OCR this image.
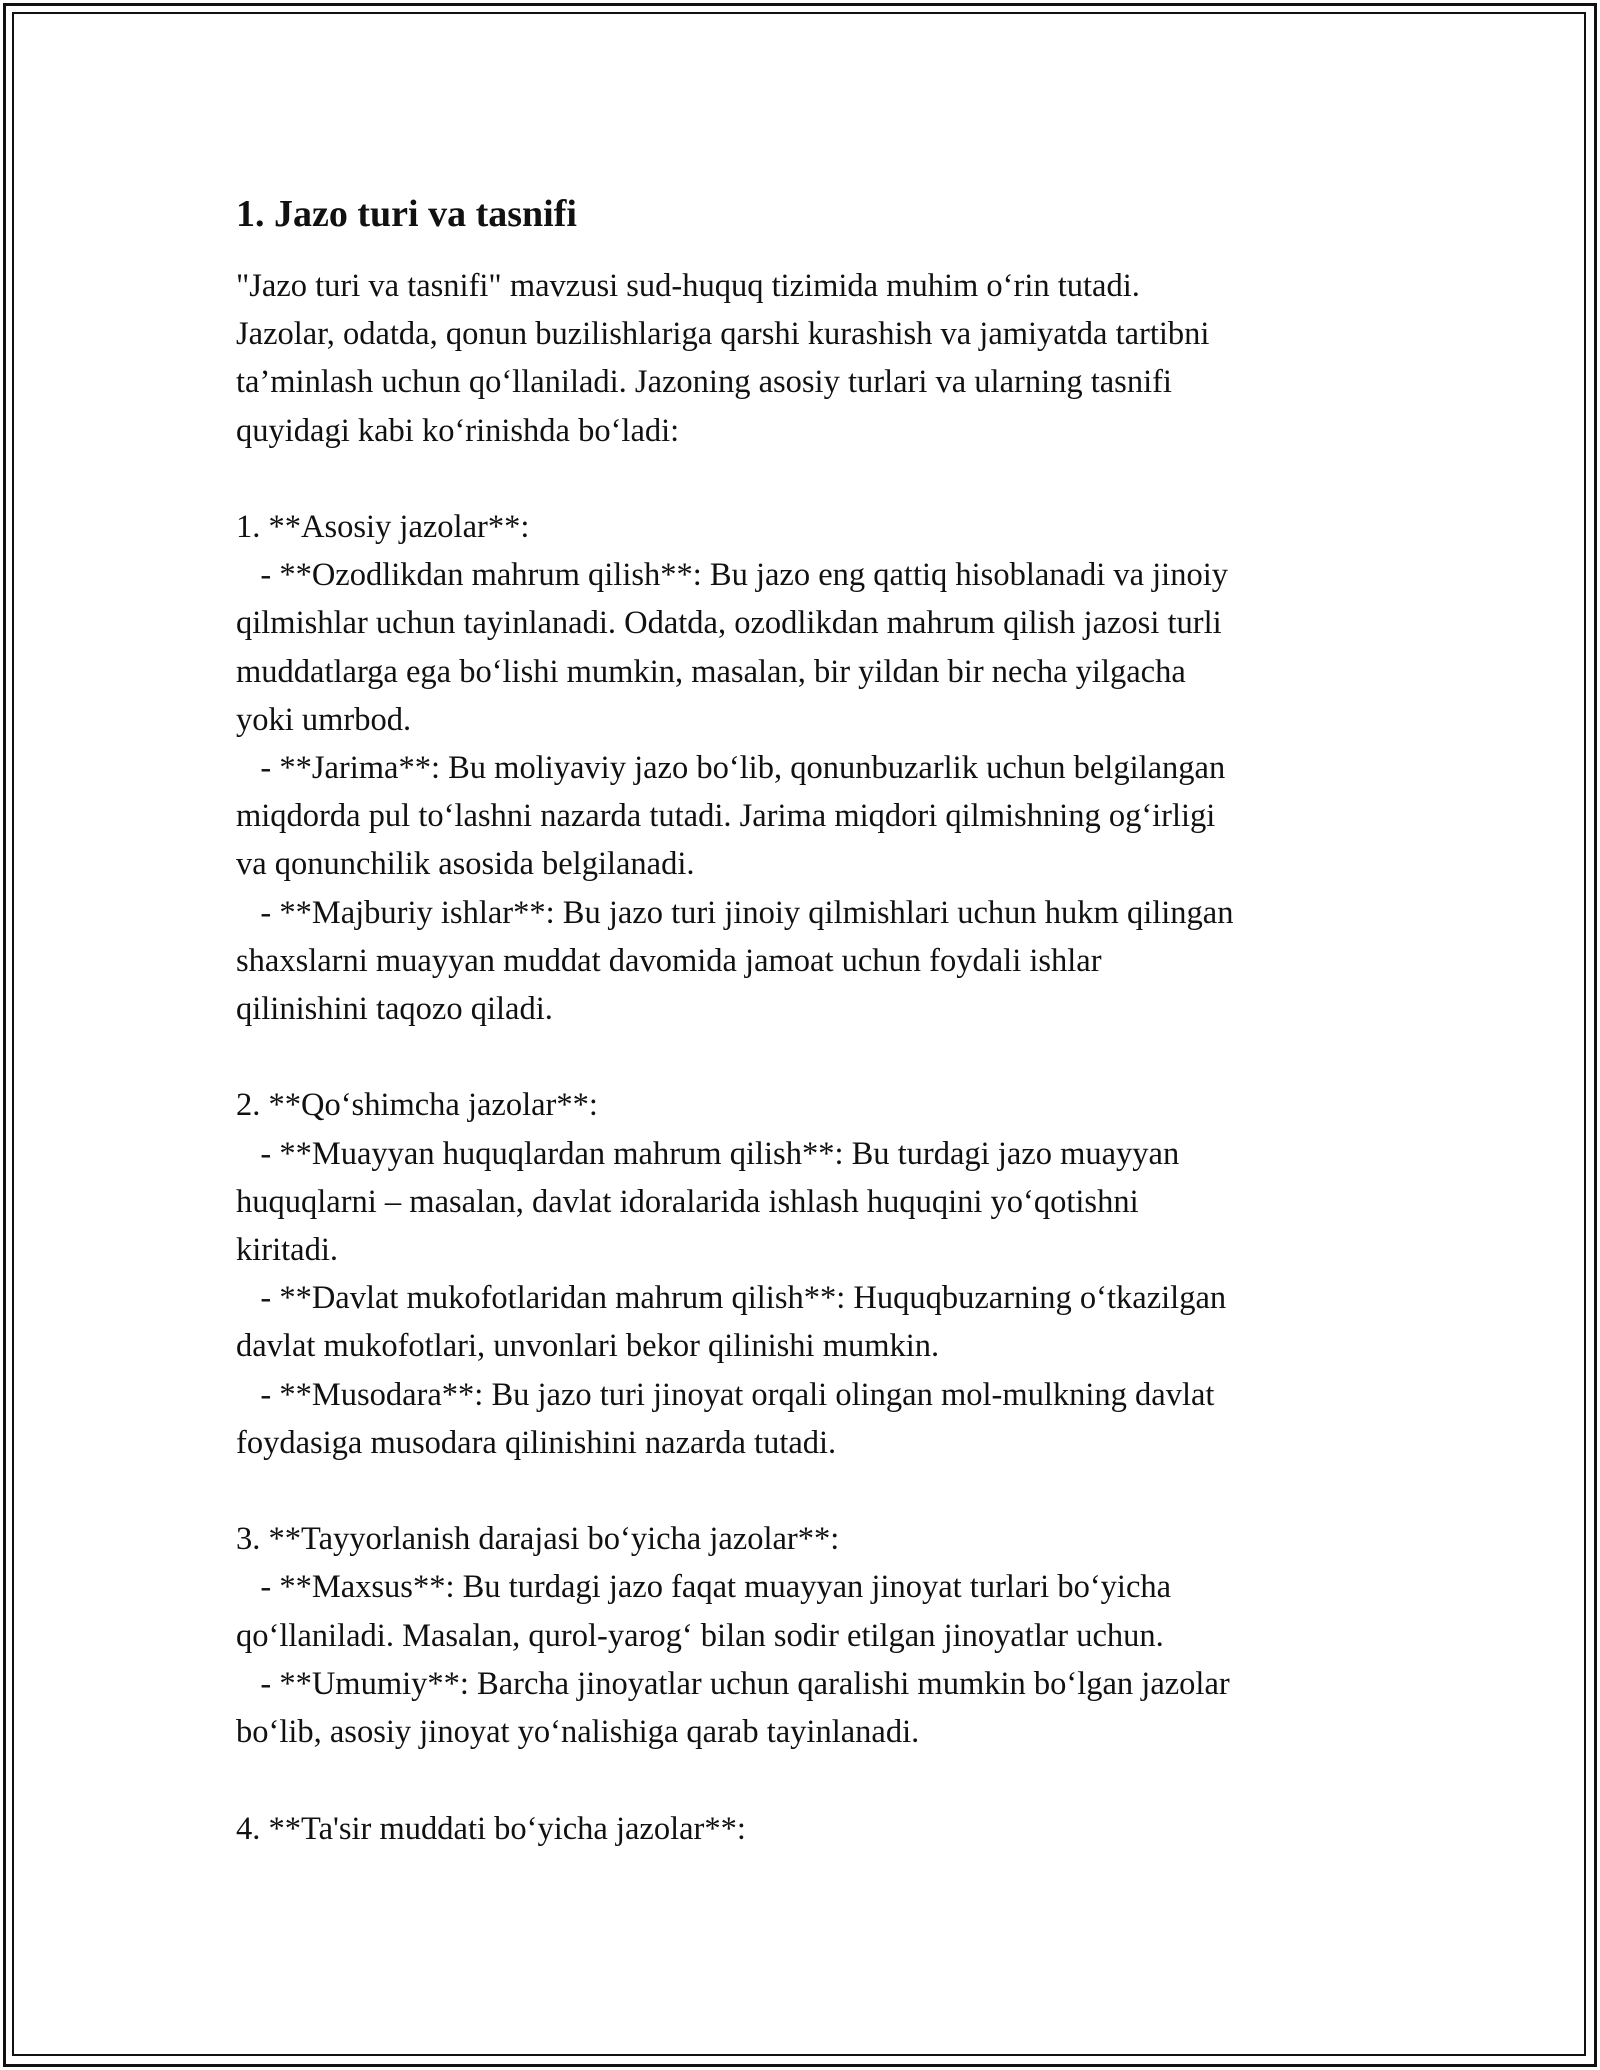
1. Jazo turi va tasnifi

"Jazo turi va tasnifi" mavzusi sud-huquq tizimida muhim o‘rin tutadi.
Jazolar, odatda, qonun buzilishlariga qarshi kurashish va jamiyatda tartibni
ta’minlash uchun qo‘llaniladi. Jazoning asosiy turlari va ularning tasnifi
quyidagi kabi ko‘rinishda bo‘ladi:

1. **Asosiy jazolar**:
- **Ozodlikdan mahrum qilish**: Bu jazo eng qattiq hisoblanadi va jinoiy
qilmishlar uchun tayinlanadi. Odatda, ozodlikdan mahrum qilish jazosi turli
muddatlarga ega bo‘lishi mumkin, masalan, bir yildan bir necha yilgacha
yoki umrbod.
- **Jarima**: Bu moliyaviy jazo bo‘lib, qonunbuzarlik uchun belgilangan
miqdorda pul to‘lashni nazarda tutadi. Jarima miqdori qilmishning og‘irligi
va qonunchilik asosida belgilanadi.
- **Majburiy ishlar**: Bu jazo turi jinoiy qilmishlari uchun hukm qilingan
shaxslarni muayyan muddat davomida jamoat uchun foydali ishlar
qilinishini taqozo qiladi.

2. **Qo‘shimcha jazolar**:
- **Muayyan huquqlardan mahrum qilish**: Bu turdagi jazo muayyan
huquqlarni – masalan, davlat idoralarida ishlash huquqini yo‘qotishni
kiritadi.
- **Davlat mukofotlaridan mahrum qilish**: Huquqbuzarning o‘tkazilgan
davlat mukofotlari, unvonlari bekor qilinishi mumkin.
- **Musodara**: Bu jazo turi jinoyat orqali olingan mol-mulkning davlat
foydasiga musodara qilinishini nazarda tutadi.

3. **Tayyorlanish darajasi bo‘yicha jazolar**:
- **Maxsus**: Bu turdagi jazo faqat muayyan jinoyat turlari bo‘yicha
qo‘llaniladi. Masalan, qurol-yarog‘ bilan sodir etilgan jinoyatlar uchun.
- **Umumiy**: Barcha jinoyatlar uchun qaralishi mumkin bo‘lgan jazolar
bo‘lib, asosiy jinoyat yo‘nalishiga qarab tayinlanadi.

4. **Ta'sir muddati bo‘yicha jazolar**:
